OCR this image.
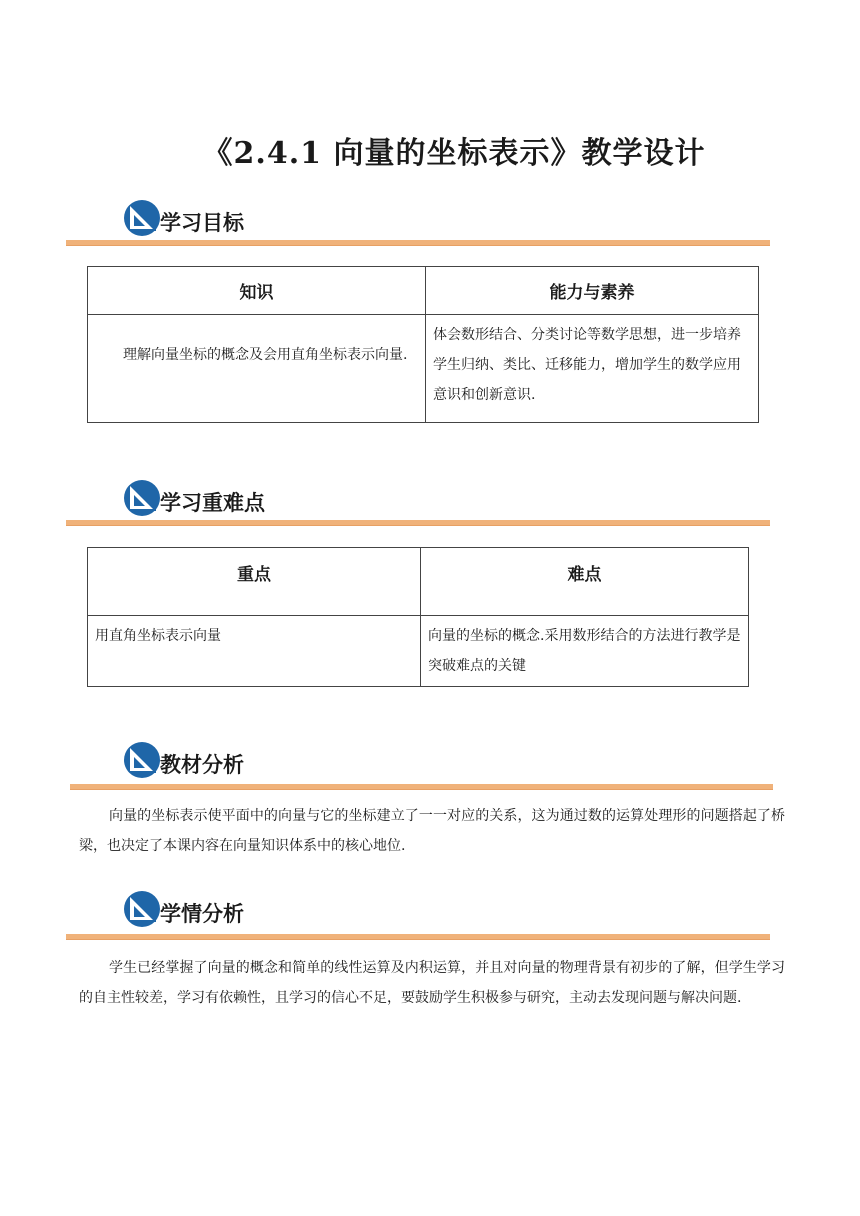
《2.4.1 向量的坐标表示》教学设计
学习目标
知识	能力与素养

理解向量坐标的概念及会用直角坐标表示向量.	体会数形结合、分类讨论等数学思想，进一步培养学生归纳、类比、迁移能力，增加学生的数学应用意识和创新意识.
学习重难点
重点	难点

用直角坐标表示向量	向量的坐标的概念.采用数形结合的方法进行教学是突破难点的关键
教材分析
向量的坐标表示使平面中的向量与它的坐标建立了一一对应的关系，这为通过数的运算处理形的问题搭起了桥梁，也决定了本课内容在向量知识体系中的核心地位.
学情分析
学生已经掌握了向量的概念和简单的线性运算及内积运算，并且对向量的物理背景有初步的了解，但学生学习的自主性较差，学习有依赖性，且学习的信心不足，要鼓励学生积极参与研究，主动去发现问题与解决问题.
